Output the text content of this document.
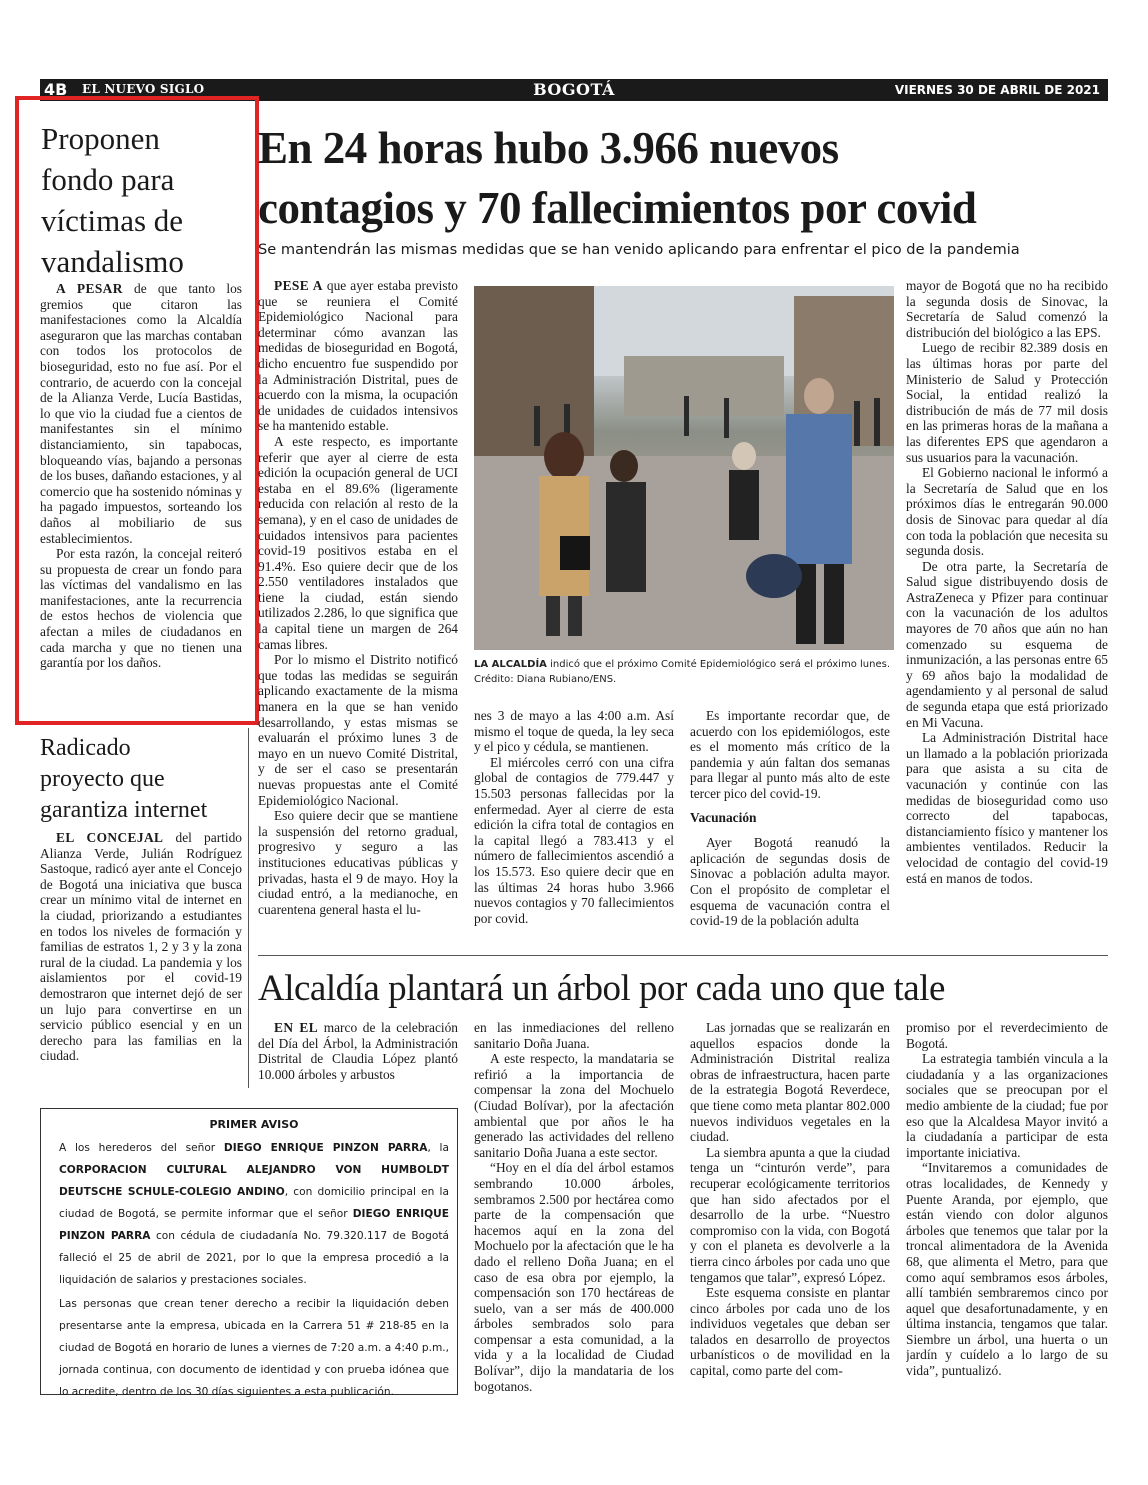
4B EL NUEVO SIGLO	BOGOTÁ	VIERNES 30 DE ABRIL DE 2021
Proponen
fondo para
víctimas de
vandalismo

A PESAR de que tanto los gremios que citaron las manifestaciones como la Alcaldía aseguraron que las marchas contaban con todos los protocolos de bioseguridad, esto no fue así. Por el contrario, de acuerdo con la concejal de la Alianza Verde, Lucía Bastidas, lo que vio la ciudad fue a cientos de manifestantes sin el mínimo distanciamiento, sin tapabocas, bloqueando vías, bajando a personas de los buses, dañando estaciones, y al comercio que ha sostenido nóminas y ha pagado impuestos, sorteando los daños al mobiliario de sus establecimientos.

Por esta razón, la concejal reiteró su propuesta de crear un fondo para las víctimas del vandalismo en las manifestaciones, ante la recurrencia de estos hechos de violencia que afectan a miles de ciudadanos en cada marcha y que no tienen una garantía por los daños.

Radicado
proyecto que
garantiza internet

EL CONCEJAL del partido Alianza Verde, Julián Rodríguez Sastoque, radicó ayer ante el Concejo de Bogotá una iniciativa que busca crear un mínimo vital de internet en la ciudad, priorizando a estudiantes en todos los niveles de formación y familias de estratos 1, 2 y 3 y la zona rural de la ciudad. La pandemia y los aislamientos por el covid-19 demostraron que internet dejó de ser un lujo para convertirse en un servicio público esencial y en un derecho para las familias en la ciudad.

En 24 horas hubo 3.966 nuevos
contagios y 70 fallecimientos por covid
Se mantendrán las mismas medidas que se han venido aplicando para enfrentar el pico de la pandemia

PESE A que ayer estaba previsto que se reuniera el Comité Epidemiológico Nacional para determinar cómo avanzan las medidas de bioseguridad en Bogotá, dicho encuentro fue suspendido por la Administración Distrital, pues de acuerdo con la misma, la ocupación de unidades de cuidados intensivos se ha mantenido estable.

A este respecto, es importante referir que ayer al cierre de esta edición la ocupación general de UCI estaba en el 89.6% (ligeramente reducida con relación al resto de la semana), y en el caso de unidades de cuidados intensivos para pacientes covid-19 positivos estaba en el 91.4%. Eso quiere decir que de los 2.550 ventiladores instalados que tiene la ciudad, están siendo utilizados 2.286, lo que significa que la capital tiene un margen de 264 camas libres.

Por lo mismo el Distrito notificó que todas las medidas se seguirán aplicando exactamente de la misma manera en la que se han venido desarrollando, y estas mismas se evaluarán el próximo lunes 3 de mayo en un nuevo Comité Distrital, y de ser el caso se presentarán nuevas propuestas ante el Comité Epidemiológico Nacional.

Eso quiere decir que se mantiene la suspensión del retorno gradual, progresivo y seguro a las instituciones educativas públicas y privadas, hasta el 9 de mayo. Hoy la ciudad entró, a la medianoche, en cuarentena general hasta el lu-

LA ALCALDÍA indicó que el próximo Comité Epidemiológico será el próximo lunes. Crédito: Diana Rubiano/ENS.

nes 3 de mayo a las 4:00 a.m. Así mismo el toque de queda, la ley seca y el pico y cédula, se mantienen.

El miércoles cerró con una cifra global de contagios de 779.447 y 15.503 personas fallecidas por la enfermedad. Ayer al cierre de esta edición la cifra total de contagios en la capital llegó a 783.413 y el número de fallecimientos ascendió a los 15.573. Eso quiere decir que en las últimas 24 horas hubo 3.966 nuevos contagios y 70 fallecimientos por covid.

Es importante recordar que, de acuerdo con los epidemiólogos, este es el momento más crítico de la pandemia y aún faltan dos semanas para llegar al punto más alto de este tercer pico del covid-19.

Vacunación

Ayer Bogotá reanudó la aplicación de segundas dosis de Sinovac a población adulta mayor. Con el propósito de completar el esquema de vacunación contra el covid-19 de la población adulta

mayor de Bogotá que no ha recibido la segunda dosis de Sinovac, la Secretaría de Salud comenzó la distribución del biológico a las EPS.

Luego de recibir 82.389 dosis en las últimas horas por parte del Ministerio de Salud y Protección Social, la entidad realizó la distribución de más de 77 mil dosis en las primeras horas de la mañana a las diferentes EPS que agendaron a sus usuarios para la vacunación.

El Gobierno nacional le informó a la Secretaría de Salud que en los próximos días le entregarán 90.000 dosis de Sinovac para quedar al día con toda la población que necesita su segunda dosis.

De otra parte, la Secretaría de Salud sigue distribuyendo dosis de AstraZeneca y Pfizer para continuar con la vacunación de los adultos mayores de 70 años que aún no han comenzado su esquema de inmunización, a las personas entre 65 y 69 años bajo la modalidad de agendamiento y al personal de salud de segunda etapa que está priorizado en Mi Vacuna.

La Administración Distrital hace un llamado a la población priorizada para que asista a su cita de vacunación y continúe con las medidas de bioseguridad como uso correcto del tapabocas, distanciamiento físico y mantener los ambientes ventilados. Reducir la velocidad de contagio del covid-19 está en manos de todos.

Alcaldía plantará un árbol por cada uno que tale

EN EL marco de la celebración del Día del Árbol, la Administración Distrital de Claudia López plantó 10.000 árboles y arbustos

en las inmediaciones del relleno sanitario Doña Juana.

A este respecto, la mandataria se refirió a la importancia de compensar la zona del Mochuelo (Ciudad Bolívar), por la afectación ambiental que por años le ha generado las actividades del relleno sanitario Doña Juana a este sector.

“Hoy en el día del árbol estamos sembrando 10.000 árboles, sembramos 2.500 por hectárea como parte de la compensación que hacemos aquí en la zona del Mochuelo por la afectación que le ha dado el relleno Doña Juana; en el caso de esa obra por ejemplo, la compensación son 170 hectáreas de suelo, van a ser más de 400.000 árboles sembrados solo para compensar a esta comunidad, a la vida y a la localidad de Ciudad Bolívar”, dijo la mandataria de los bogotanos.

Las jornadas que se realizarán en aquellos espacios donde la Administración Distrital realiza obras de infraestructura, hacen parte de la estrategia Bogotá Reverdece, que tiene como meta plantar 802.000 nuevos individuos vegetales en la ciudad.

La siembra apunta a que la ciudad tenga un “cinturón verde”, para recuperar ecológicamente territorios que han sido afectados por el desarrollo de la urbe. “Nuestro compromiso con la vida, con Bogotá y con el planeta es devolverle a la tierra cinco árboles por cada uno que tengamos que talar”, expresó López.

Este esquema consiste en plantar cinco árboles por cada uno de los individuos vegetales que deban ser talados en desarrollo de proyectos urbanísticos o de movilidad en la capital, como parte del com-

promiso por el reverdecimiento de Bogotá.

La estrategia también vincula a la ciudadanía y a las organizaciones sociales que se preocupan por el medio ambiente de la ciudad; fue por eso que la Alcaldesa Mayor invitó a la ciudadanía a participar de esta importante iniciativa.

“Invitaremos a comunidades de otras localidades, de Kennedy y Puente Aranda, por ejemplo, que están viendo con dolor algunos árboles que tenemos que talar por la troncal alimentadora de la Avenida 68, que alimenta el Metro, para que como aquí sembramos esos árboles, allí también sembraremos cinco por aquel que desafortunadamente, y en última instancia, tengamos que talar. Siembre un árbol, una huerta o un jardín y cuídelo a lo largo de su vida”, puntualizó.

PRIMER AVISO

A los herederos del señor DIEGO ENRIQUE PINZON PARRA, la CORPORACION CULTURAL ALEJANDRO VON HUMBOLDT DEUTSCHE SCHULE-COLEGIO ANDINO, con domicilio principal en la ciudad de Bogotá, se permite informar que el señor DIEGO ENRIQUE PINZON PARRA con cédula de ciudadanía No. 79.320.117 de Bogotá falleció el 25 de abril de 2021, por lo que la empresa procedió a la liquidación de salarios y prestaciones sociales.

Las personas que crean tener derecho a recibir la liquidación deben presentarse ante la empresa, ubicada en la Carrera 51 # 218-85 en la ciudad de Bogotá en horario de lunes a viernes de 7:20 a.m. a 4:40 p.m., jornada continua, con documento de identidad y con prueba idónea que lo acredite, dentro de los 30 días siguientes a esta publicación.
